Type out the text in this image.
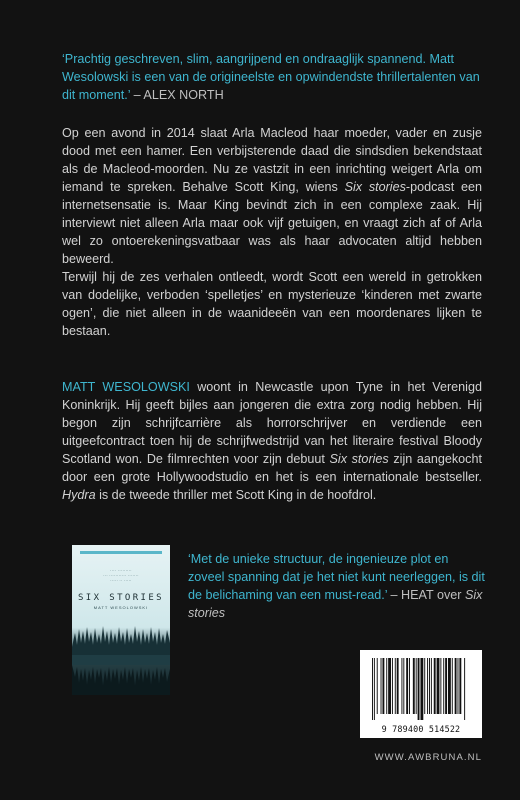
‘Prachtig geschreven, slim, aangrijpend en ondraaglijk spannend. Matt Wesolowski is een van de origineelste en opwindendste thrillertalenten van dit moment.’ – ALEX NORTH

Op een avond in 2014 slaat Arla Macleod haar moeder, vader en zusje dood met een hamer. Een verbijsterende daad die sindsdien bekendstaat als de Macleod-moorden. Nu ze vastzit in een inrichting weigert Arla om iemand te spreken. Behalve Scott King, wiens Six stories-podcast een internetsensatie is. Maar King bevindt zich in een complexe zaak. Hij interviewt niet alleen Arla maar ook vijf getuigen, en vraagt zich af of Arla wel zo ontoerekeningsvatbaar was als haar advocaten altijd hebben beweerd.

Terwijl hij de zes verhalen ontleedt, wordt Scott een wereld in getrokken van dodelijke, verboden ‘spelletjes’ en mysterieuze ‘kinderen met zwarte ogen’, die niet alleen in de waanideeën van een moordenares lijken te bestaan.

MATT WESOLOWSKI woont in Newcastle upon Tyne in het Verenigd Koninkrijk. Hij geeft bijles aan jongeren die extra zorg nodig hebben. Hij begon zijn schrijfcarrière als horrorschrijver en verdiende een uitgeefcontract toen hij de schrijfwedstrijd van het literaire festival Bloody Scotland won. De filmrechten voor zijn debuut Six stories zijn aangekocht door een grote Hollywoodstudio en het is een internationale bestseller. Hydra is de tweede thriller met Scott King in de hoofdrol.
···· ·········
··· ··········· ·······
····· ·· ·····
SIX STORIES
MATT WESOLOWSKI
‘Met de unieke structuur, de ingenieuze plot en zoveel spanning dat je het niet kunt neerleggen, is dit de belichaming van een must-read.’ – HEAT over Six stories
9 789400 514522
WWW.AWBRUNA.NL
